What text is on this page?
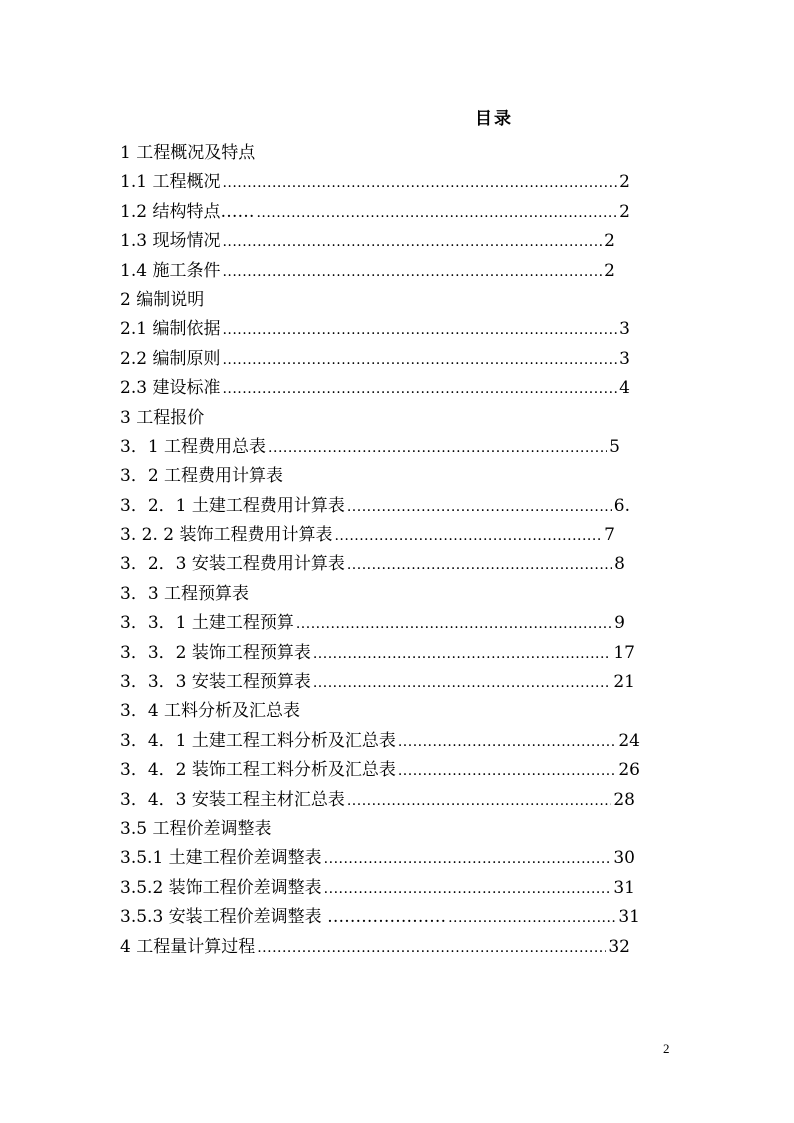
目录
1 工程概况及特点
1.1 工程概况 .....	2
1.2 结构特点…… .....	2
1.3 现场情况 .....	2
1.4 施工条件 .....	2
2 编制说明
2.1 编制依据 .....	3
2.2 编制原则 .....	3
2.3 建设标准 .....	4
3 工程报价
3．1 工程费用总表 .....	5
3．2 工程费用计算表
3．2．1 土建工程费用计算表 .....	6.
3. 2. 2 装饰工程费用计算表 .....	7
3．2．3 安装工程费用计算表 .....	8
3．3 工程预算表
3．3．1 土建工程预算 .....	9
3．3．2 装饰工程预算表 .....	17
3．3．3 安装工程预算表 .....	21
3．4 工料分析及汇总表
3．4．1 土建工程工料分析及汇总表 .....	24
3．4．2 装饰工程工料分析及汇总表 .....	26
3．4．3 安装工程主材汇总表 .....	28
3.5 工程价差调整表
3.5.1 土建工程价差调整表 .....	30
3.5.2 装饰工程价差调整表 .....	31
3.5.3 安装工程价差调整表 ………………… .....	31
4 工程量计算过程 .....	32
2
